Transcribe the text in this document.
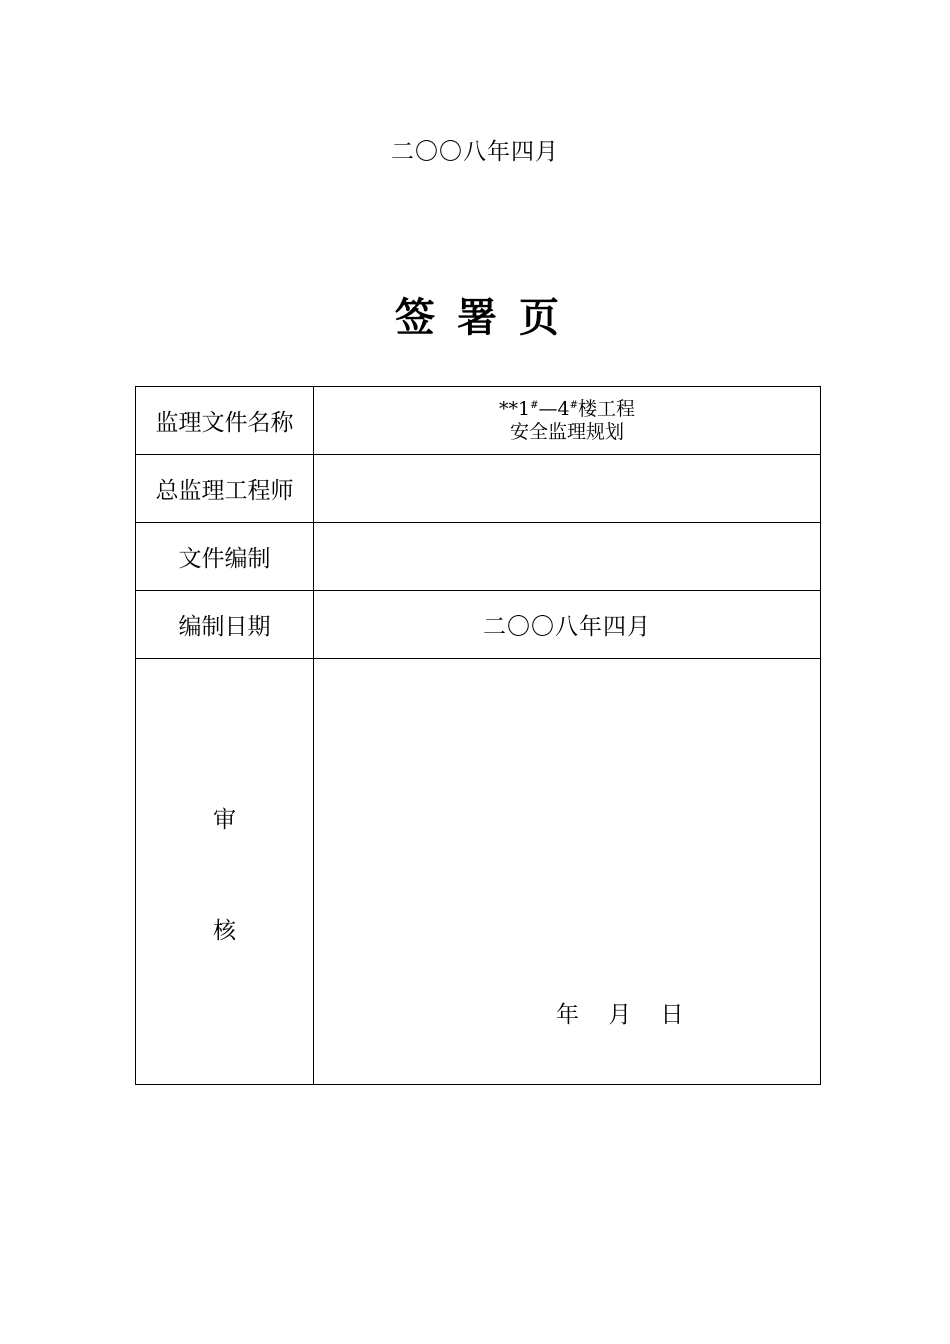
二〇〇八年四月
签署页
监理文件名称	**1#—4#楼工程
安全监理规划

总监理工程师	
文件编制	
编制日期	二〇〇八年四月

审
核	年    月    日
